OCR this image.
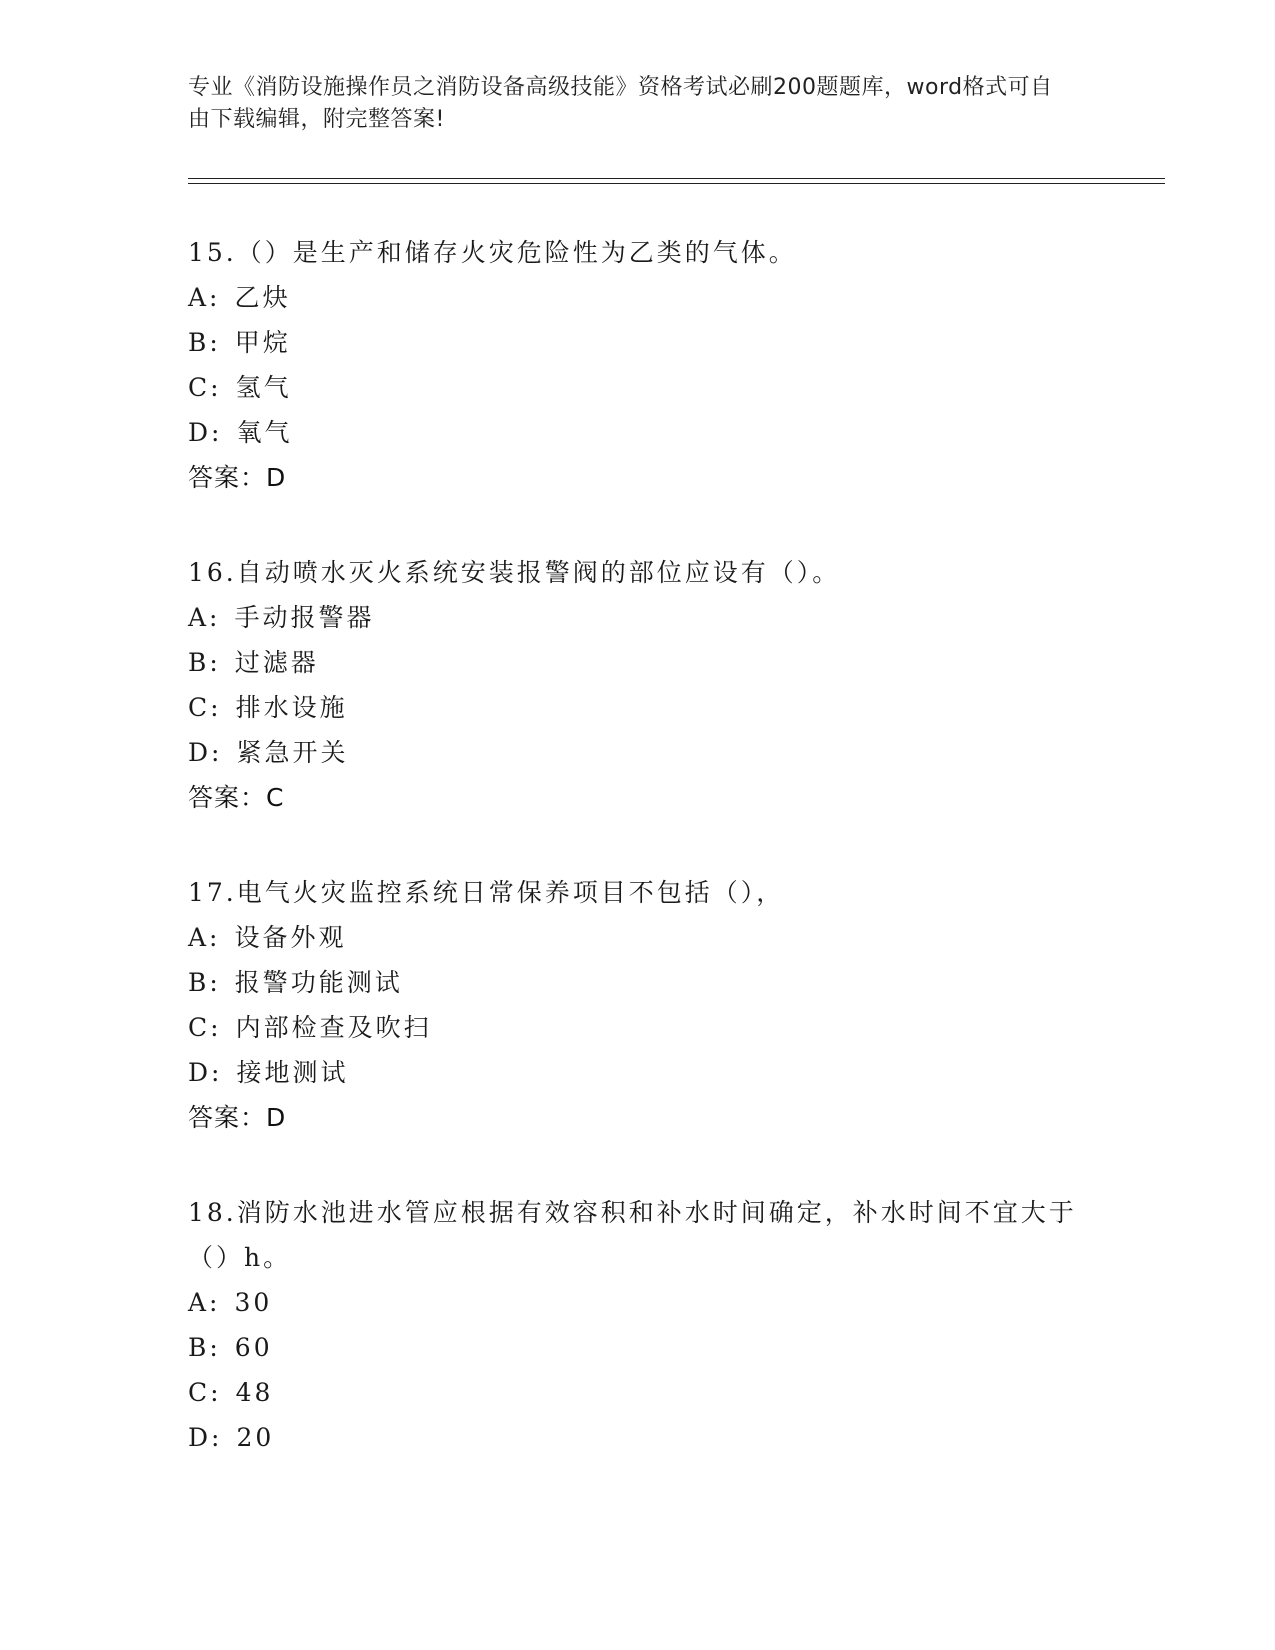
专业《消防设施操作员之消防设备高级技能》资格考试必刷200题题库，word格式可自由下载编辑，附完整答案!
15.（）是生产和储存火灾危险性为乙类的气体。
A: 乙炔
B: 甲烷
C: 氢气
D: 氧气
答案：D
16.自动喷水灭火系统安装报警阀的部位应设有（）。
A: 手动报警器
B: 过滤器
C: 排水设施
D: 紧急开关
答案：C
17.电气火灾监控系统日常保养项目不包括（），
A: 设备外观
B: 报警功能测试
C: 内部检查及吹扫
D: 接地测试
答案：D
18.消防水池进水管应根据有效容积和补水时间确定，补水时间不宜大于（）h。
A: 30
B: 60
C: 48
D: 20
